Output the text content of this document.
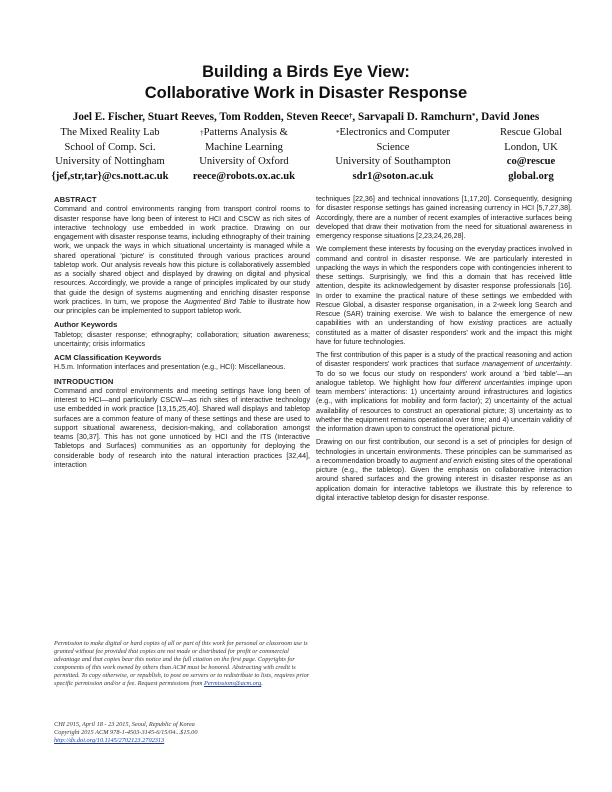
Building a Birds Eye View:
Collaborative Work in Disaster Response
Joel E. Fischer, Stuart Reeves, Tom Rodden, Steven Reece†, Sarvapali D. Ramchurn*, David Jones
The Mixed Reality Lab
School of Comp. Sci.
University of Nottingham
{jef,str,tar}@cs.nott.ac.uk
†Patterns Analysis &
Machine Learning
University of Oxford
reece@robots.ox.ac.uk
*Electronics and Computer
Science
University of Southampton
sdr1@soton.ac.uk
Rescue Global
London, UK
co@rescue
global.org
ABSTRACT

Command and control environments ranging from transport control rooms to disaster response have long been of interest to HCI and CSCW as rich sites of interactive technology use embedded in work practice. Drawing on our engagement with disaster response teams, including ethnography of their training work, we unpack the ways in which situational uncertainty is managed while a shared operational 'picture' is constituted through various practices around tabletop work. Our analysis reveals how this picture is collaboratively assembled as a socially shared object and displayed by drawing on digital and physical resources. Accordingly, we provide a range of principles implicated by our study that guide the design of systems augmenting and enriching disaster response work practices. In turn, we propose the Augmented Bird Table to illustrate how our principles can be implemented to support tabletop work.

Author Keywords

Tabletop; disaster response; ethnography; collaboration; situation awareness; uncertainty; crisis informatics

ACM Classification Keywords

H.5.m. Information interfaces and presentation (e.g., HCI): Miscellaneous.

INTRODUCTION

Command and control environments and meeting settings have long been of interest to HCI—and particularly CSCW—as rich sites of interactive technology use embedded in work practice [13,15,25,40]. Shared wall displays and tabletop surfaces are a common feature of many of these settings and these are used to support situational awareness, decision-making, and collaboration amongst teams [30,37]. This has not gone unnoticed by HCI and the ITS (Interactive Tabletops and Surfaces) communities as an opportunity for deploying the considerable body of research into the natural interaction practices [32,44], interaction

Permission to make digital or hard copies of all or part of this work for personal or classroom use is granted without fee provided that copies are not made or distributed for profit or commercial advantage and that copies bear this notice and the full citation on the first page. Copyrights for components of this work owned by others than ACM must be honored. Abstracting with credit is permitted. To copy otherwise, or republish, to post on servers or to redistribute to lists, requires prior specific permission and/or a fee. Request permissions from Permissions@acm.org.
CHI 2015, April 18 - 23 2015, Seoul, Republic of Korea
Copyright 2015 ACM 978-1-4503-3145-6/15/04...$15.00
http://dx.doi.org/10.1145/2702123.2702313

techniques [22,36] and technical innovations [1,17,20]. Consequently, designing for disaster response settings has gained increasing currency in HCI [5,7,27,38]. Accordingly, there are a number of recent examples of interactive surfaces being developed that draw their motivation from the need for situational awareness in emergency response situations [2,23,24,26,28].

We complement these interests by focusing on the everyday practices involved in command and control in disaster response. We are particularly interested in unpacking the ways in which the responders cope with contingencies inherent to these settings. Surprisingly, we find this a domain that has received little attention, despite its acknowledgement by disaster response professionals [16]. In order to examine the practical nature of these settings we embedded with Rescue Global, a disaster response organisation, in a 2-week long Search and Rescue (SAR) training exercise. We wish to balance the emergence of new capabilities with an understanding of how existing practices are actually constituted as a matter of disaster responders' work and the impact this might have for future technologies.

The first contribution of this paper is a study of the practical reasoning and action of disaster responders' work practices that surface management of uncertainty. To do so we focus our study on responders' work around a 'bird table'—an analogue tabletop. We highlight how four different uncertainties impinge upon team members' interactions: 1) uncertainty around infrastructures and logistics (e.g., with implications for mobility and form factor); 2) uncertainty of the actual availability of resources to construct an operational picture; 3) uncertainty as to whether the equipment remains operational over time; and 4) uncertain validity of the information drawn upon to construct the operational picture.

Drawing on our first contribution, our second is a set of principles for design of technologies in uncertain environments. These principles can be summarised as a recommendation broadly to augment and enrich existing sites of the operational picture (e.g., the tabletop). Given the emphasis on collaborative interaction around shared surfaces and the growing interest in disaster response as an application domain for interactive tabletops we illustrate this by reference to digital interactive tabletop design for disaster response.
